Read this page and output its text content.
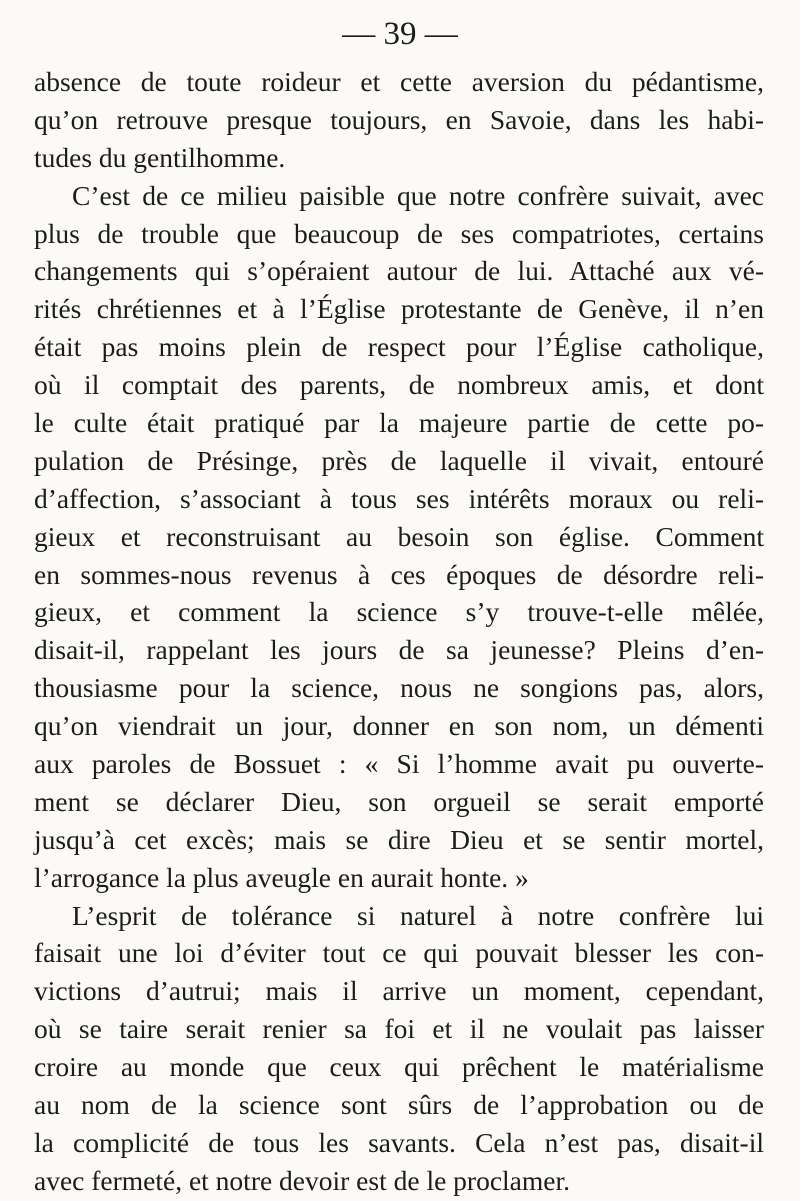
— 39 —
absence de toute roideur et cette aversion du pédantisme,
qu’on retrouve presque toujours, en Savoie, dans les habi-
tudes du gentilhomme.
C’est de ce milieu paisible que notre confrère suivait, avec
plus de trouble que beaucoup de ses compatriotes, certains
changements qui s’opéraient autour de lui. Attaché aux vé-
rités chrétiennes et à l’Église protestante de Genève, il n’en
était pas moins plein de respect pour l’Église catholique,
où il comptait des parents, de nombreux amis, et dont
le culte était pratiqué par la majeure partie de cette po-
pulation de Présinge, près de laquelle il vivait, entouré
d’affection, s’associant à tous ses intérêts moraux ou reli-
gieux et reconstruisant au besoin son église. Comment
en sommes-nous revenus à ces époques de désordre reli-
gieux, et comment la science s’y trouve-t-elle mêlée,
disait-il, rappelant les jours de sa jeunesse? Pleins d’en-
thousiasme pour la science, nous ne songions pas, alors,
qu’on viendrait un jour, donner en son nom, un démenti
aux paroles de Bossuet : « Si l’homme avait pu ouverte-
ment se déclarer Dieu, son orgueil se serait emporté
jusqu’à cet excès; mais se dire Dieu et se sentir mortel,
l’arrogance la plus aveugle en aurait honte. »
L’esprit de tolérance si naturel à notre confrère lui
faisait une loi d’éviter tout ce qui pouvait blesser les con-
victions d’autrui; mais il arrive un moment, cependant,
où se taire serait renier sa foi et il ne voulait pas laisser
croire au monde que ceux qui prêchent le matérialisme
au nom de la science sont sûrs de l’approbation ou de
la complicité de tous les savants. Cela n’est pas, disait-il
avec fermeté, et notre devoir est de le proclamer.
